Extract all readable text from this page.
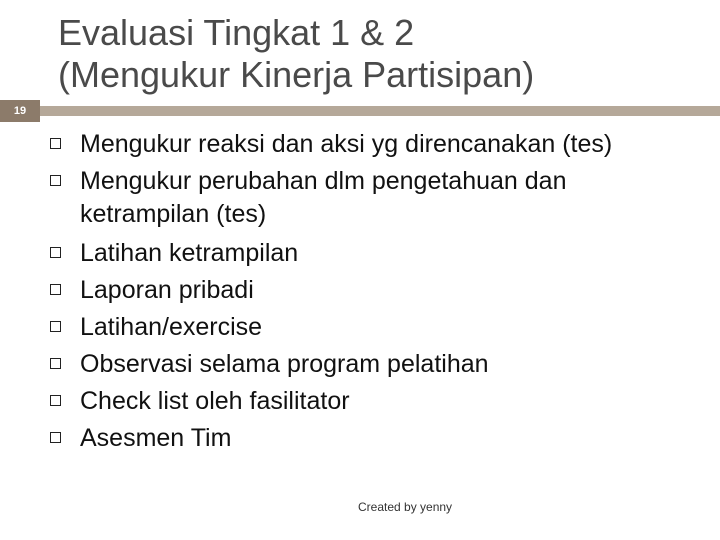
19
Evaluasi Tingkat 1 & 2
(Mengukur Kinerja Partisipan)
Mengukur reaksi dan aksi yg direncanakan (tes)
Mengukur perubahan dlm pengetahuan dan ketrampilan (tes)
Latihan ketrampilan
Laporan pribadi
Latihan/exercise
Observasi selama program pelatihan
Check list oleh fasilitator
Asesmen Tim
Created by yenny
